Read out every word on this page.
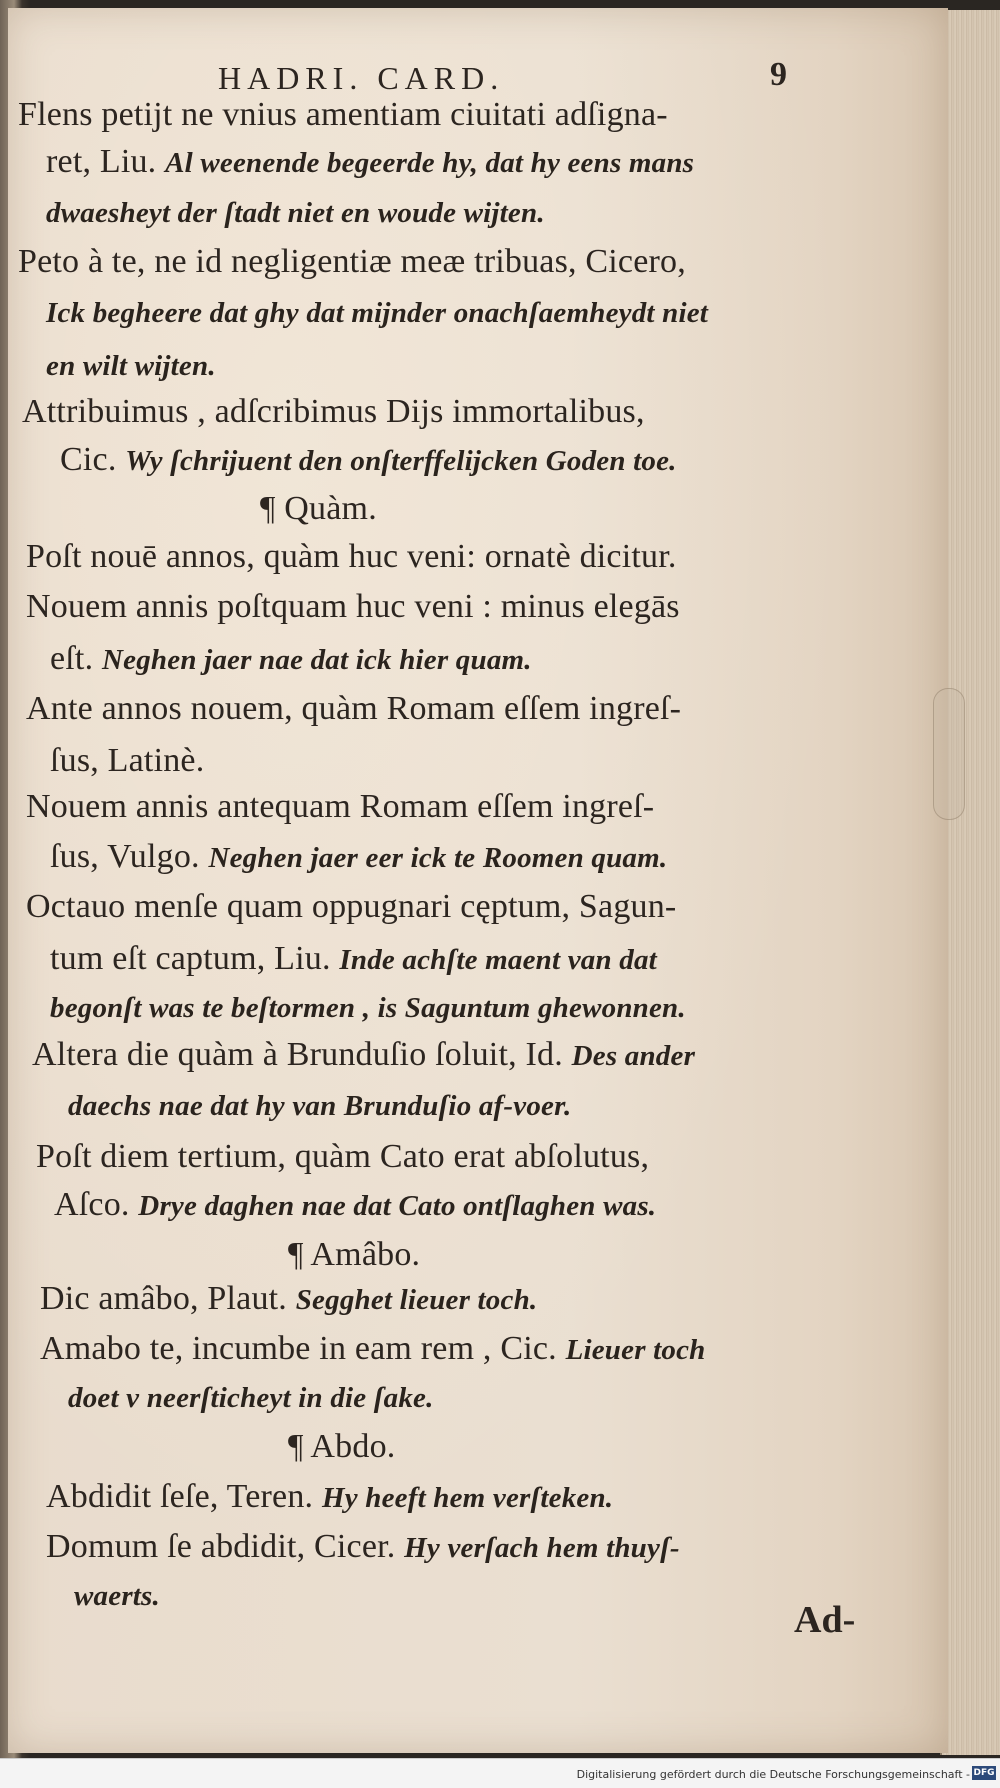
HADRI. CARD.	9
Flens petijt ne vnius amentiam ciuitati adſigna-
ret, Liu. Al weenende begeerde hy, dat hy eens mans
dwaesheyt der ſtadt niet en woude wijten.
Peto à te, ne id negligentiæ meæ tribuas, Cicero,
Ick begheere dat ghy dat mijnder onachſaemheydt niet
en wilt wijten.
Attribuimus , adſcribimus Dijs immortalibus,
Cic. Wy ſchrijuent den onſterffelijcken Goden toe.
¶ Quàm.
Poſt nouē annos, quàm huc veni: ornatè dicitur.
Nouem annis poſtquam huc veni : minus elegās
eſt. Neghen jaer nae dat ick hier quam.
Ante annos nouem, quàm Romam eſſem ingreſ-
ſus, Latinè.
Nouem annis antequam Romam eſſem ingreſ-
ſus, Vulgo. Neghen jaer eer ick te Roomen quam.
Octauo menſe quam oppugnari cęptum, Sagun-
tum eſt captum, Liu. Inde achſte maent van dat
begonſt was te beſtormen , is Saguntum ghewonnen.
Altera die quàm à Brunduſio ſoluit, Id. Des ander
daechs nae dat hy van Brunduſio af-voer.
Poſt diem tertium, quàm Cato erat abſolutus,
Aſco. Drye daghen nae dat Cato ontſlaghen was.
¶ Amâbo.
Dic amâbo, Plaut. Segghet lieuer toch.
Amabo te, incumbe in eam rem , Cic. Lieuer toch
doet v neerſticheyt in die ſake.
¶ Abdo.
Abdidit ſeſe, Teren. Hy heeft hem verſteken.
Domum ſe abdidit, Cicer. Hy verſach hem thuyſ-
waerts.
Ad-
Digitalisierung gefördert durch die Deutsche Forschungsgemeinschaft - DFG
